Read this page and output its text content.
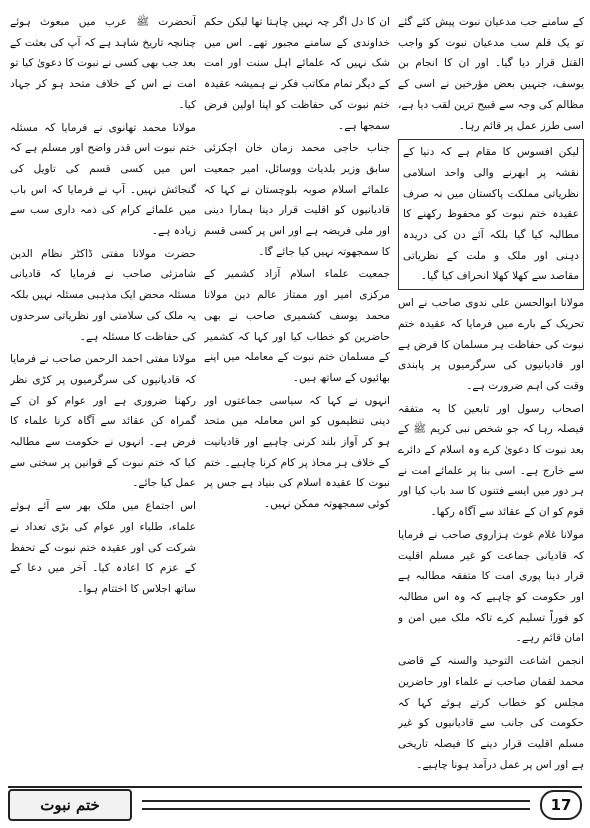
کے سامنے جب مدعیان نبوت پیش کئے گئے تو یک قلم سب مدعیان نبوت کو واجب القتل قرار دیا گیا۔ اور ان کا انجام بن یوسف، جنہیں بعض مؤرخین نے اسی کے مظالم کی وجہ سے قبیح ترین لقب دیا ہے، اسی طرز عمل پر قائم رہا۔

لیکن افسوس کا مقام ہے کہ دنیا کے نقشہ پر ابھرنے والی واحد اسلامی نظریاتی مملکت پاکستان میں نہ صرف عقیدہ ختم نبوت کو محفوظ رکھنے کا مطالبہ کیا گیا بلکہ آئے دن کی دریدہ دہنی اور ملک و ملت کے نظریاتی مقاصد سے کھلا کھلا انحراف کیا گیا۔

مولانا ابوالحسن علی ندوی صاحب نے اس تحریک کے بارے میں فرمایا کہ عقیدہ ختم نبوت کی حفاظت ہر مسلمان کا فرض ہے اور قادیانیوں کی سرگرمیوں پر پابندی وقت کی اہم ضرورت ہے۔

اصحاب رسول اور تابعین کا یہ متفقہ فیصلہ رہا کہ جو شخص نبی کریم ﷺ کے بعد نبوت کا دعویٰ کرے وہ اسلام کے دائرے سے خارج ہے۔ اسی بنا پر علمائے امت نے ہر دور میں ایسے فتنوں کا سد باب کیا اور قوم کو ان کے عقائد سے آگاہ رکھا۔

مولانا غلام غوث ہزاروی صاحب نے فرمایا کہ قادیانی جماعت کو غیر مسلم اقلیت قرار دینا پوری امت کا متفقہ مطالبہ ہے اور حکومت کو چاہیے کہ وہ اس مطالبہ کو فوراً تسلیم کرے تاکہ ملک میں امن و امان قائم رہے۔

انجمن اشاعت التوحید والسنہ کے قاضی محمد لقمان صاحب نے علماء اور حاضرین مجلس کو خطاب کرتے ہوئے کہا کہ حکومت کی جانب سے قادیانیوں کو غیر مسلم اقلیت قرار دینے کا فیصلہ تاریخی ہے اور اس پر عمل درآمد ہونا چاہیے۔

ان کا دل اگر چہ نہیں چاہتا تھا لیکن حکم خداوندی کے سامنے مجبور تھے۔ اس میں شک نہیں کہ علمائے اہل سنت اور امت کے دیگر تمام مکاتب فکر نے ہمیشہ عقیدہ ختم نبوت کی حفاظت کو اپنا اولین فرض سمجھا ہے۔

جناب حاجی محمد زمان خان اچکزئی سابق وزیر بلدیات ووسائل، امیر جمعیت علمائے اسلام صوبہ بلوچستان نے کہا کہ قادیانیوں کو اقلیت قرار دینا ہمارا دینی اور ملی فریضہ ہے اور اس پر کسی قسم کا سمجھوتہ نہیں کیا جائے گا۔

جمعیت علماء اسلام آزاد کشمیر کے مرکزی امیر اور ممتاز عالم دین مولانا محمد یوسف کشمیری صاحب نے بھی حاضرین کو خطاب کیا اور کہا کہ کشمیر کے مسلمان ختم نبوت کے معاملہ میں اپنے بھائیوں کے ساتھ ہیں۔

انہوں نے کہا کہ سیاسی جماعتوں اور دینی تنظیموں کو اس معاملہ میں متحد ہو کر آواز بلند کرنی چاہیے اور قادیانیت کے خلاف ہر محاذ پر کام کرنا چاہیے۔ ختم نبوت کا عقیدہ اسلام کی بنیاد ہے جس پر کوئی سمجھوتہ ممکن نہیں۔

آنحضرت ﷺ عرب میں مبعوث ہوئے چنانچہ تاریخ شاہد ہے کہ آپ کی بعثت کے بعد جب بھی کسی نے نبوت کا دعویٰ کیا تو امت نے اس کے خلاف متحد ہو کر جہاد کیا۔

مولانا محمد تھانوی نے فرمایا کہ مسئلہ ختم نبوت اس قدر واضح اور مسلم ہے کہ اس میں کسی قسم کی تاویل کی گنجائش نہیں۔ آپ نے فرمایا کہ اس باب میں علمائے کرام کی ذمہ داری سب سے زیادہ ہے۔

حضرت مولانا مفتی ڈاکٹر نظام الدین شامزئی صاحب نے فرمایا کہ قادیانی مسئلہ محض ایک مذہبی مسئلہ نہیں بلکہ یہ ملک کی سلامتی اور نظریاتی سرحدوں کی حفاظت کا مسئلہ ہے۔

مولانا مفتی احمد الرحمن صاحب نے فرمایا کہ قادیانیوں کی سرگرمیوں پر کڑی نظر رکھنا ضروری ہے اور عوام کو ان کے گمراہ کن عقائد سے آگاہ کرنا علماء کا فرض ہے۔ انہوں نے حکومت سے مطالبہ کیا کہ ختم نبوت کے قوانین پر سختی سے عمل کیا جائے۔

اس اجتماع میں ملک بھر سے آئے ہوئے علماء، طلباء اور عوام کی بڑی تعداد نے شرکت کی اور عقیدہ ختم نبوت کے تحفظ کے عزم کا اعادہ کیا۔ آخر میں دعا کے ساتھ اجلاس کا اختتام ہوا۔

ختم نبوت	17
